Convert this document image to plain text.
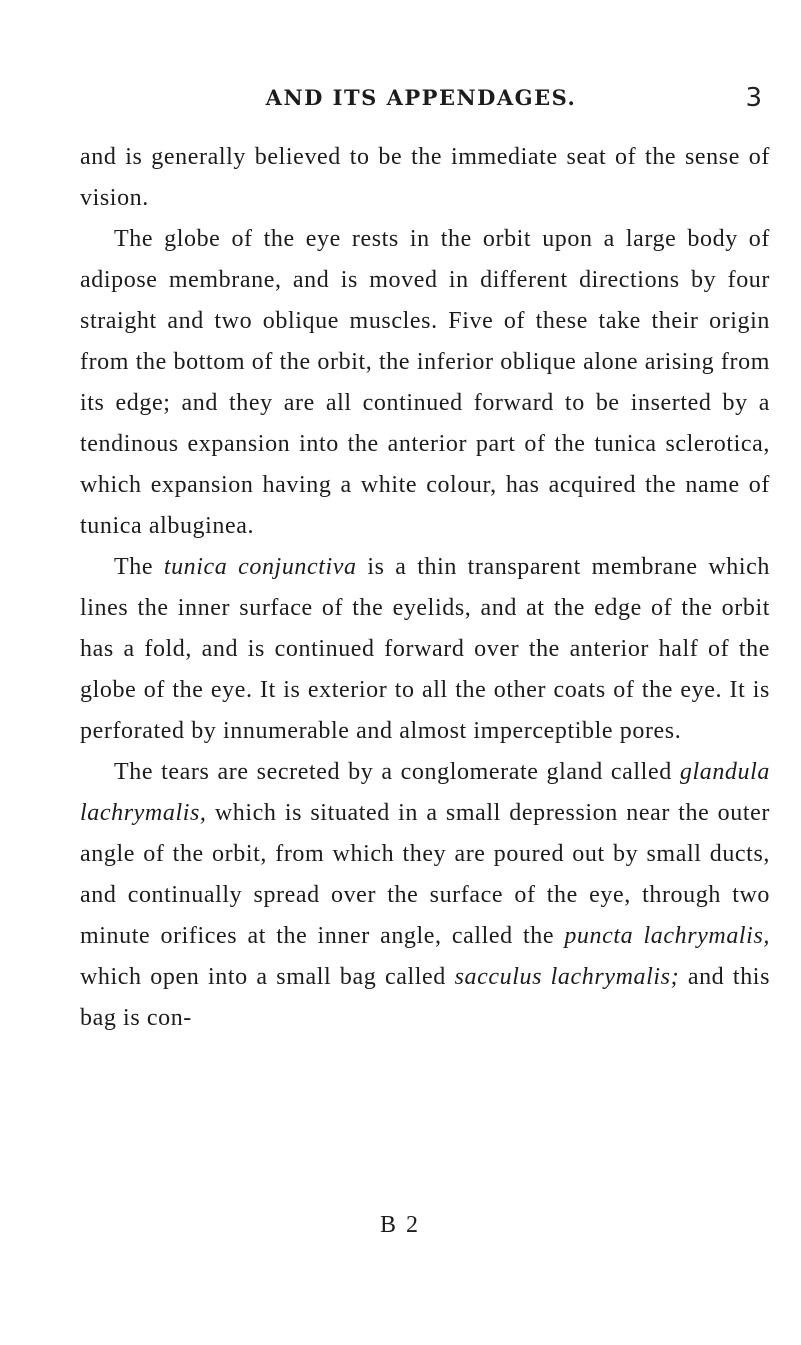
AND ITS APPENDAGES.	3

and is generally believed to be the immediate seat of the sense of vision.

The globe of the eye rests in the orbit upon a large body of adipose membrane, and is moved in different directions by four straight and two oblique muscles. Five of these take their origin from the bottom of the orbit, the inferior oblique alone arising from its edge; and they are all continued forward to be inserted by a tendinous expansion into the anterior part of the tunica sclerotica, which expansion having a white colour, has acquired the name of tunica albuginea.

The tunica conjunctiva is a thin transparent membrane which lines the inner surface of the eyelids, and at the edge of the orbit has a fold, and is continued forward over the anterior half of the globe of the eye. It is exterior to all the other coats of the eye. It is perforated by innumerable and almost imperceptible pores.

The tears are secreted by a conglomerate gland called glandula lachrymalis, which is situated in a small depression near the outer angle of the orbit, from which they are poured out by small ducts, and continually spread over the surface of the eye, through two minute orifices at the inner angle, called the puncta lachrymalis, which open into a small bag called sacculus lachrymalis; and this bag is con-

B 2
